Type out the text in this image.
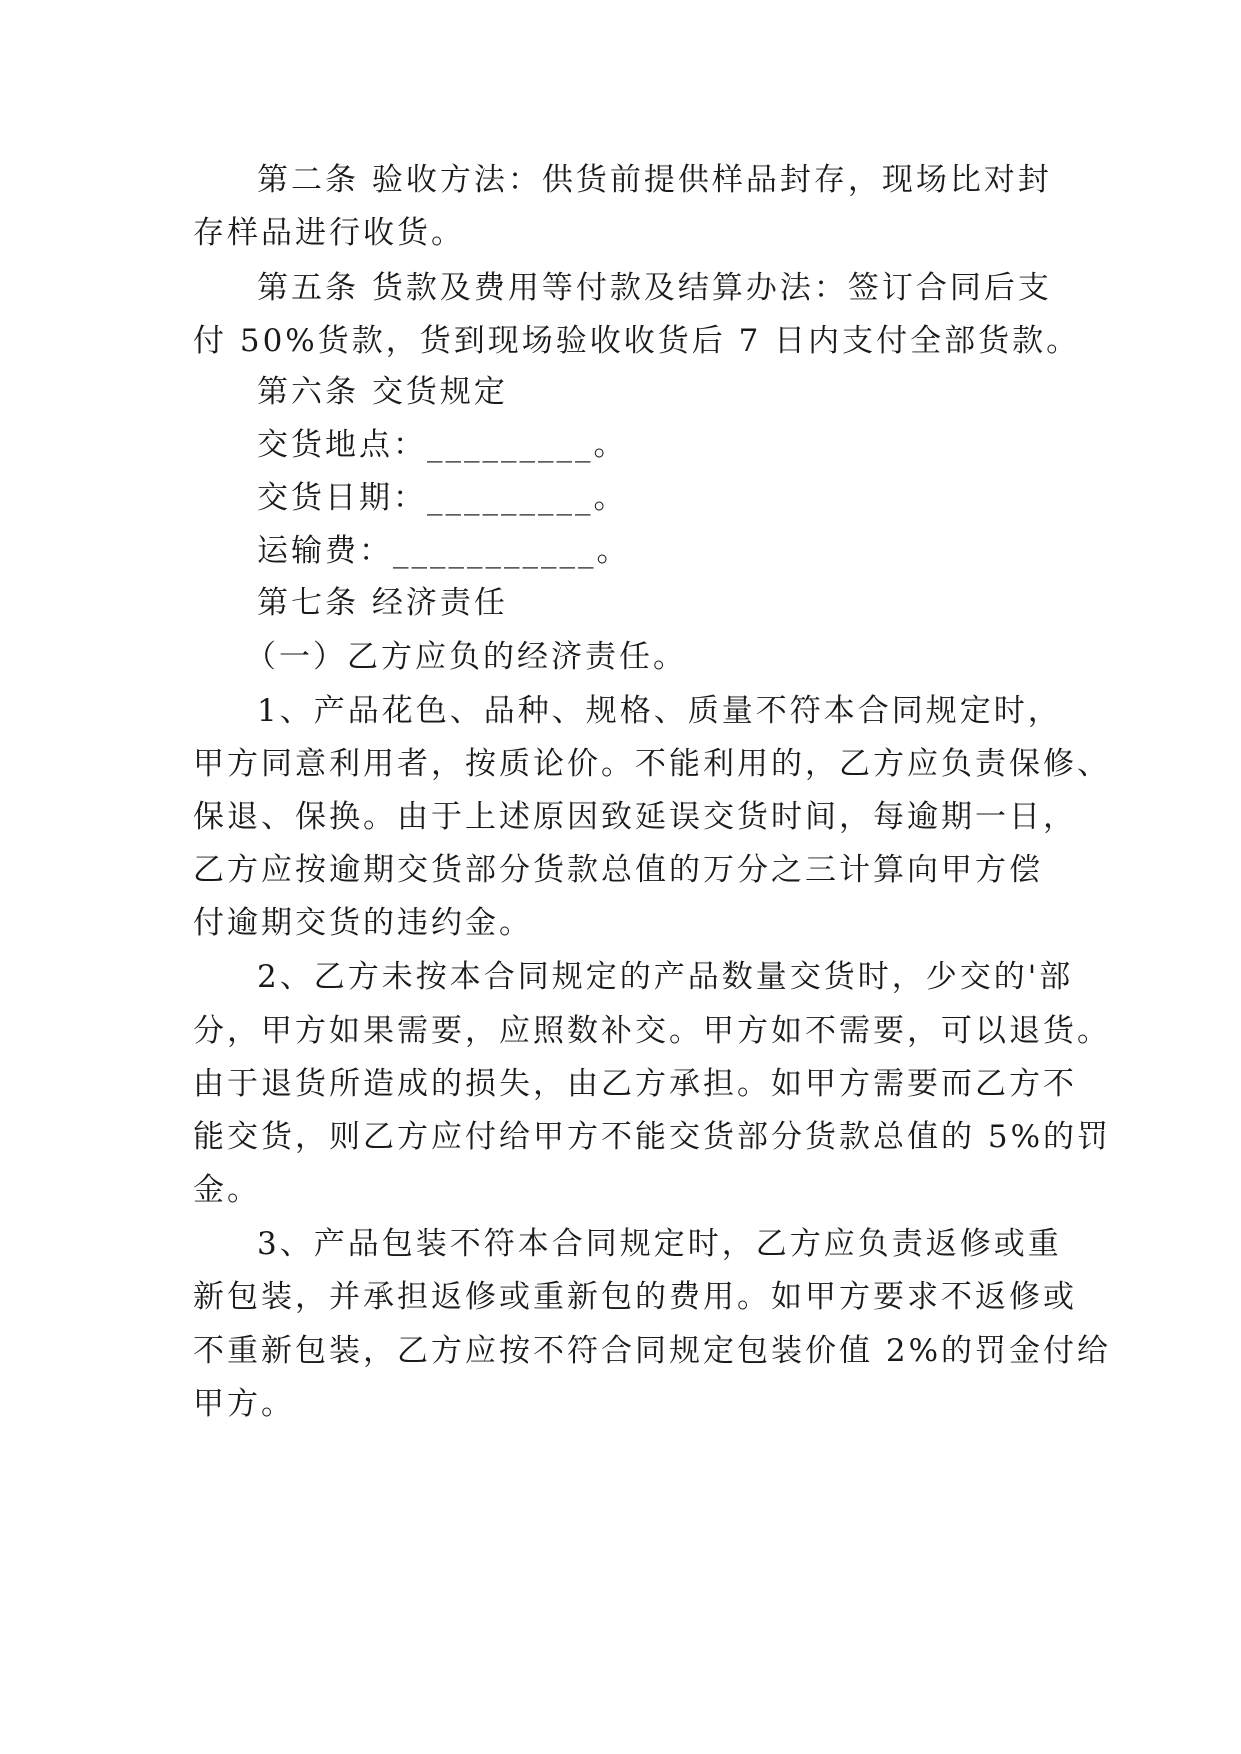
第二条 验收方法：供货前提供样品封存，现场比对封
存样品进行收货。
第五条 货款及费用等付款及结算办法：签订合同后支
付 50%货款，货到现场验收收货后 7 日内支付全部货款。
第六条 交货规定
交货地点：_________。
交货日期：_________。
运输费：___________。
第七条 经济责任
（一）乙方应负的经济责任。
1、产品花色、品种、规格、质量不符本合同规定时，
甲方同意利用者，按质论价。不能利用的，乙方应负责保修、
保退、保换。由于上述原因致延误交货时间，每逾期一日，
乙方应按逾期交货部分货款总值的万分之三计算向甲方偿
付逾期交货的违约金。
2、乙方未按本合同规定的产品数量交货时，少交的'部
分，甲方如果需要，应照数补交。甲方如不需要，可以退货。
由于退货所造成的损失，由乙方承担。如甲方需要而乙方不
能交货，则乙方应付给甲方不能交货部分货款总值的 5%的罚
金。
3、产品包装不符本合同规定时，乙方应负责返修或重
新包装，并承担返修或重新包的费用。如甲方要求不返修或
不重新包装，乙方应按不符合同规定包装价值 2%的罚金付给
甲方。
